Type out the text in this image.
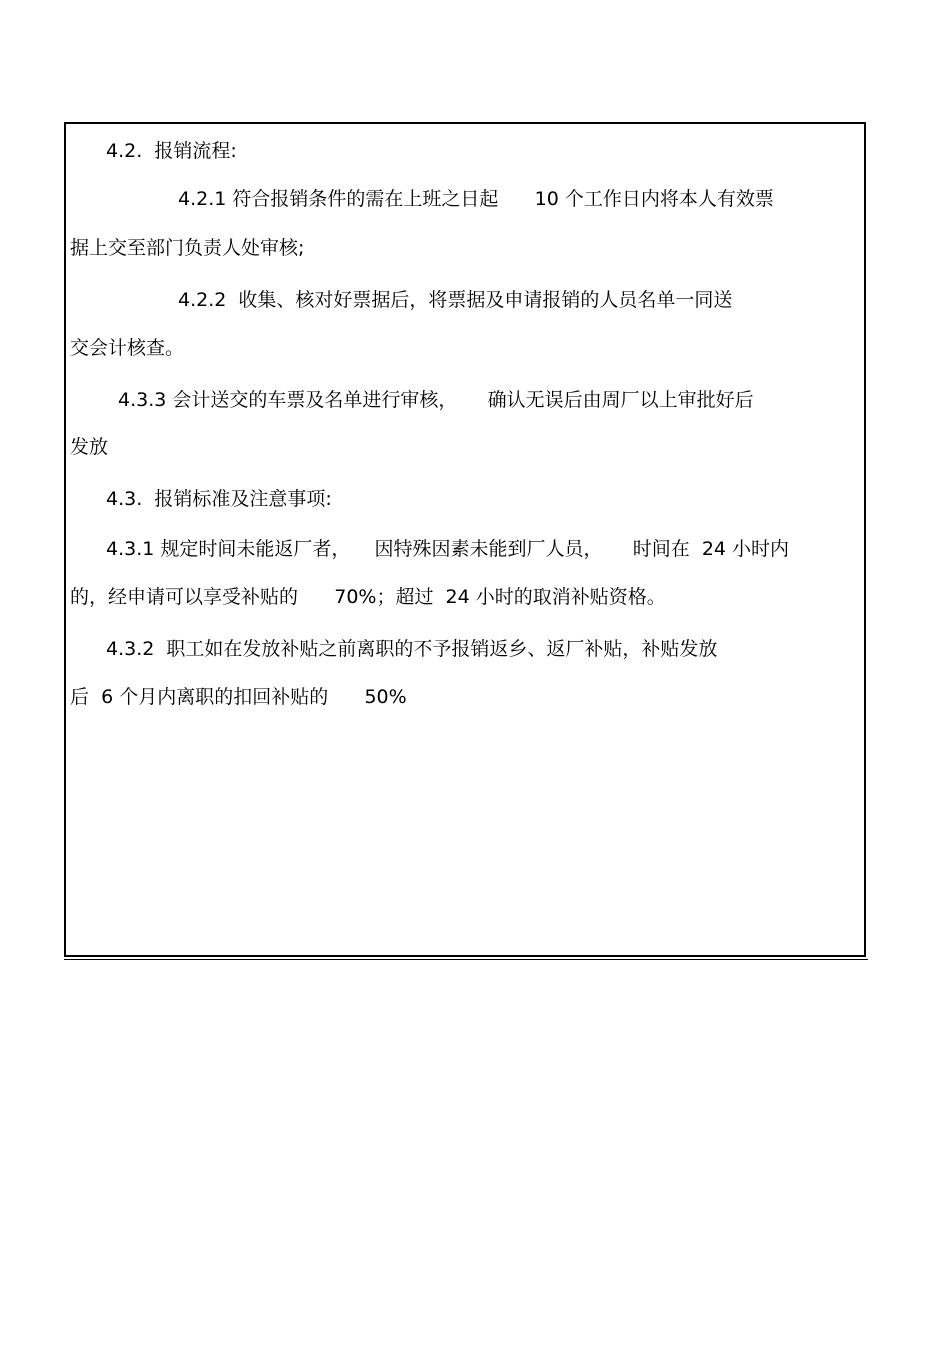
4.2.  报销流程:

4.2.1 符合报销条件的需在上班之日起      10 个工作日内将本人有效票

据上交至部门负责人处审核;

4.2.2  收集、核对好票据后，将票据及申请报销的人员名单一同送

交会计核查。

4.3.3 会计送交的车票及名单进行审核，     确认无误后由周厂以上审批好后

发放

4.3.  报销标准及注意事项:

4.3.1 规定时间未能返厂者，    因特殊因素未能到厂人员，     时间在  24 小时内

的，经申请可以享受补贴的      70%；超过  24 小时的取消补贴资格。

4.3.2  职工如在发放补贴之前离职的不予报销返乡、返厂补贴，补贴发放

后  6 个月内离职的扣回补贴的      50%
